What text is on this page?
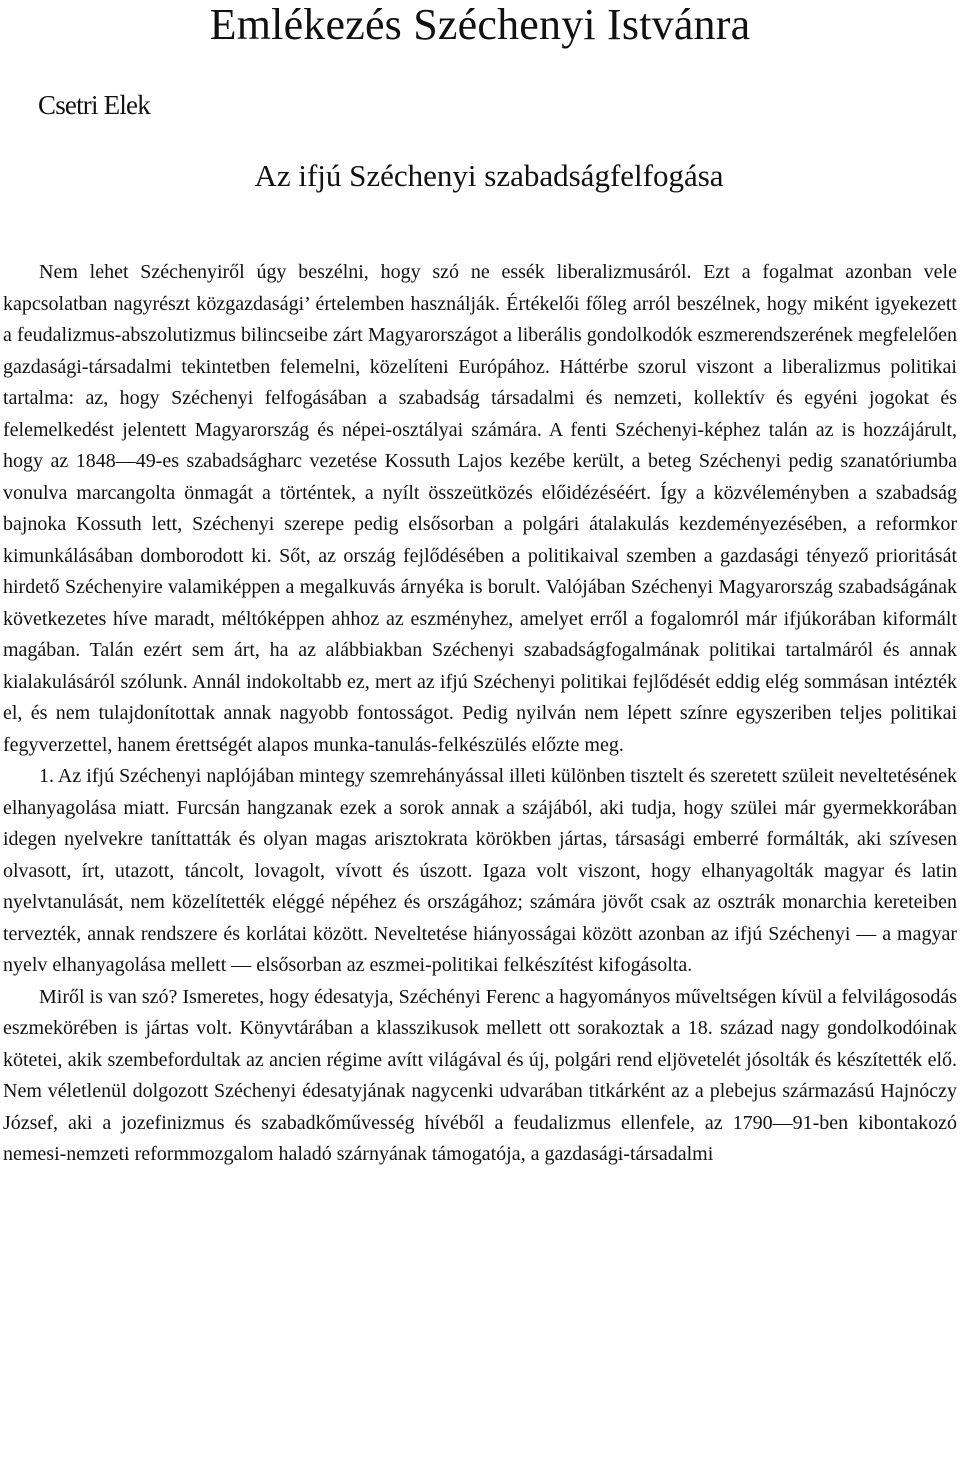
Emlékezés Széchenyi Istvánra
Csetri Elek
Az ifjú Széchenyi szabadságfelfogása

Nem lehet Széchenyiről úgy beszélni, hogy szó ne essék liberalizmusáról. Ezt a fogalmat azonban vele kapcsolatban nagyrészt közgazdasági’ értelemben használják. Értékelői főleg arról beszélnek, hogy miként igyekezett a feudalizmus-abszolutizmus bilincseibe zárt Magyarországot a liberális gondolkodók eszmerendszerének megfelelően gazdasági-társadalmi tekintetben felemelni, közelíteni Európához. Háttérbe szorul viszont a liberalizmus politikai tartalma: az, hogy Széchenyi felfogásában a szabadság társadalmi és nemzeti, kollektív és egyéni jogokat és felemelkedést jelentett Magyarország és népei-osztályai számára. A fenti Széchenyi-képhez talán az is hozzájárult, hogy az 1848—49-es szabadságharc vezetése Kossuth Lajos kezébe került, a beteg Széchenyi pedig szanatóriumba vonulva marcangolta önmagát a történtek, a nyílt összeütközés előidézéséért. Így a közvéleményben a szabadság bajnoka Kossuth lett, Széchenyi szerepe pedig elsősorban a polgári átalakulás kezdeményezésében, a reformkor kimunkálásában domborodott ki. Sőt, az ország fejlődésében a politikaival szemben a gazdasági tényező prioritását hirdető Széchenyire valamiképpen a megalkuvás árnyéka is borult. Valójában Széchenyi Magyarország szabadságának következetes híve maradt, méltóképpen ahhoz az eszményhez, amelyet erről a fogalomról már ifjúkorában kiformált magában. Talán ezért sem árt, ha az alábbiakban Széchenyi szabadságfogalmának politikai tartalmáról és annak kialakulásáról szólunk. Annál indokoltabb ez, mert az ifjú Széchenyi politikai fejlődését eddig elég sommásan intézték el, és nem tulajdonítottak annak nagyobb fontosságot. Pedig nyilván nem lépett színre egyszeriben teljes politikai fegyverzettel, hanem érettségét alapos munka-tanulás-felkészülés előzte meg.

1. Az ifjú Széchenyi naplójában mintegy szemrehányással illeti különben tisztelt és szeretett szüleit neveltetésének elhanyagolása miatt. Furcsán hangzanak ezek a sorok annak a szájából, aki tudja, hogy szülei már gyermekkorában idegen nyelvekre taníttatták és olyan magas arisztokrata körökben jártas, társasági emberré formálták, aki szívesen olvasott, írt, utazott, táncolt, lovagolt, vívott és úszott. Igaza volt viszont, hogy elhanyagolták magyar és latin nyelvtanulását, nem közelítették eléggé népéhez és országához; számára jövőt csak az osztrák monarchia kereteiben tervezték, annak rendszere és korlátai között. Neveltetése hiányosságai között azonban az ifjú Széchenyi — a magyar nyelv elhanyagolása mellett — elsősorban az eszmei-politikai felkészítést kifogásolta.

Miről is van szó? Ismeretes, hogy édesatyja, Széchényi Ferenc a hagyományos műveltségen kívül a felvilágosodás eszmekörében is jártas volt. Könyvtárában a klasszikusok mellett ott sorakoztak a 18. század nagy gondolkodóinak kötetei, akik szembefordultak az ancien régime avítt világával és új, polgári rend eljövetelét jósolták és készítették elő. Nem véletlenül dolgozott Széchenyi édesatyjának nagycenki udvarában titkárként az a plebejus származású Hajnóczy József, aki a jozefinizmus és szabadkőművesség hívéből a feudalizmus ellenfele, az 1790—91-ben kibontakozó nemesi-nemzeti reformmozgalom haladó szárnyának támogatója, a gazdasági-társadalmi
